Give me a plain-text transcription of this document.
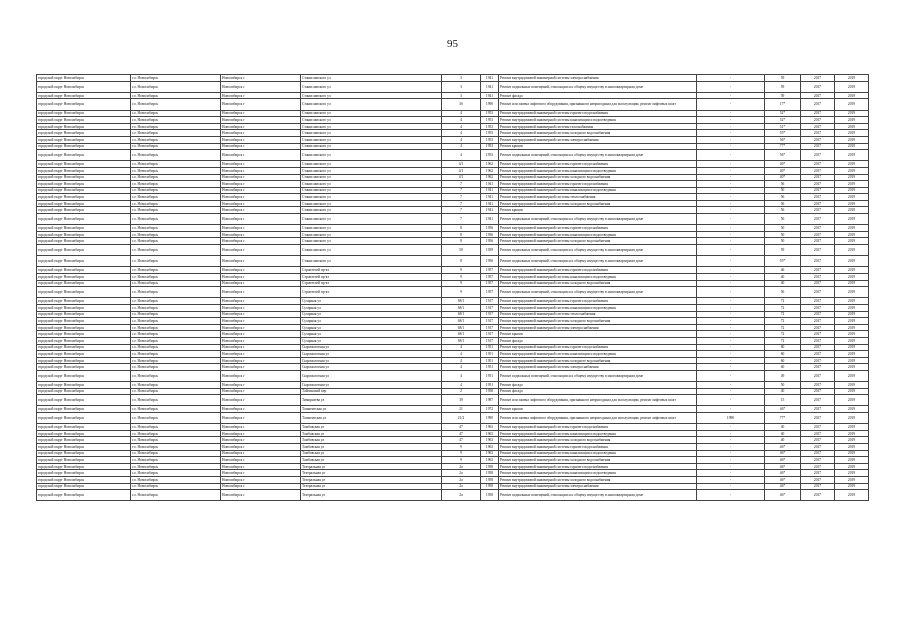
95
городской округ Новосибирск	г.о. Новосибирск	Новосибирск г	Станиславского ул	3	1941	Ремонт внутридомовой инженерной системы электроснабжения	-	59	2017	2019
городской округ Новосибирск	г.о. Новосибирск	Новосибирск г	Станиславского ул	3	1941	Ремонт подвальных помещений, относящихся к общему имуществу в многоквартирном доме	-	59	2017	2019
городской округ Новосибирск	г.о. Новосибирск	Новосибирск г	Станиславского ул	3	1941	Ремонт фасада	-	59	2017	2019
городской округ Новосибирск	г.о. Новосибирск	Новосибирск г	Станиславского ул	3б	1990	Ремонт или замена лифтового оборудования, признанного непригодным для эксплуатации, ремонт лифтовых шахт	-	17*	2017	2019
городской округ Новосибирск	г.о. Новосибирск	Новосибирск г	Станиславского ул	4	1953	Ремонт внутридомовой инженерной системы горячего водоснабжения	-	52*	2017	2019
городской округ Новосибирск	г.о. Новосибирск	Новосибирск г	Станиславского ул	4	1953	Ремонт внутридомовой инженерной системы канализации и водоотведения	-	52*	2017	2019
городской округ Новосибирск	г.о. Новосибирск	Новосибирск г	Станиславского ул	4	1953	Ремонт внутридомовой инженерной системы газоснабжения	-	51*	2017	2019
городской округ Новосибирск	г.о. Новосибирск	Новосибирск г	Станиславского ул	4	1953	Ремонт внутридомовой инженерной системы холодного водоснабжения	-	55*	2017	2019
городской округ Новосибирск	г.о. Новосибирск	Новосибирск г	Станиславского ул	4	1953	Ремонт внутридомовой инженерной системы электроснабжения	-	56*	2017	2019
городской округ Новосибирск	г.о. Новосибирск	Новосибирск г	Станиславского ул	4	1953	Ремонт крыши	-	77*	2017	2019
городской округ Новосибирск	г.о. Новосибирск	Новосибирск г	Станиславского ул	4	1953	Ремонт подвальных помещений, относящихся к общему имуществу в многоквартирном доме	-	56*	2017	2019
городской округ Новосибирск	г.о. Новосибирск	Новосибирск г	Станиславского ул	4/1	1962	Ремонт внутридомовой инженерной системы горячего водоснабжения	-	40*	2017	2019
городской округ Новосибирск	г.о. Новосибирск	Новосибирск г	Станиславского ул	4/1	1962	Ремонт внутридомовой инженерной системы канализации и водоотведения	-	40*	2017	2019
городской округ Новосибирск	г.о. Новосибирск	Новосибирск г	Станиславского ул	4/1	1962	Ремонт внутридомовой инженерной системы холодного водоснабжения	-	40*	2017	2019
городской округ Новосибирск	г.о. Новосибирск	Новосибирск г	Станиславского ул	7	1941	Ремонт внутридомовой инженерной системы горячего водоснабжения	-	56	2017	2019
городской округ Новосибирск	г.о. Новосибирск	Новосибирск г	Станиславского ул	7	1941	Ремонт внутридомовой инженерной системы канализации и водоотведения	-	50	2017	2019
городской округ Новосибирск	г.о. Новосибирск	Новосибирск г	Станиславского ул	7	1941	Ремонт внутридомовой инженерной системы теплоснабжения	-	56	2017	2019
городской округ Новосибирск	г.о. Новосибирск	Новосибирск г	Станиславского ул	7	1941	Ремонт внутридомовой инженерной системы холодного водоснабжения	-	56	2017	2019
городской округ Новосибирск	г.о. Новосибирск	Новосибирск г	Станиславского ул	7	1941	Ремонт крыши	-	56	2017	2019
городской округ Новосибирск	г.о. Новосибирск	Новосибирск г	Станиславского ул	7	1941	Ремонт подвальных помещений, относящихся к общему имуществу в многоквартирном доме	-	56	2017	2019
городской округ Новосибирск	г.о. Новосибирск	Новосибирск г	Станиславского ул	8	1956	Ремонт внутридомовой инженерной системы горячего водоснабжения	-	50	2017	2019
городской округ Новосибирск	г.о. Новосибирск	Новосибирск г	Станиславского ул	8	1956	Ремонт внутридомовой инженерной системы канализации и водоотведения	-	50	2017	2019
городской округ Новосибирск	г.о. Новосибирск	Новосибирск г	Станиславского ул	8	1956	Ремонт внутридомовой инженерной системы холодного водоснабжения	-	50	2017	2019
городской округ Новосибирск	г.о. Новосибирск	Новосибирск г	Станиславского ул	50	1939	Ремонт подвальных помещений, относящихся к общему имуществу в многоквартирном доме	-	59	2017	2019
городской округ Новосибирск	г.о. Новосибирск	Новосибирск г	Станиславского ул	8	1956	Ремонт подвальных помещений, относящихся к общему имуществу в многоквартирном доме	-	55*	2017	2019
городской округ Новосибирск	г.о. Новосибирск	Новосибирск г	Строителей пр-кт	9	1957	Ремонт внутридомовой инженерной системы горячего водоснабжения	-	46	2017	2019
городской округ Новосибирск	г.о. Новосибирск	Новосибирск г	Строителей пр-кт	9	1957	Ремонт внутридомовой инженерной системы канализации и водоотведения	-	40	2017	2019
городской округ Новосибирск	г.о. Новосибирск	Новосибирск г	Строителей пр-кт	9	1957	Ремонт внутридомовой инженерной системы холодного водоснабжения	-	40	2017	2019
городской округ Новосибирск	г.о. Новосибирск	Новосибирск г	Строителей пр-кт	9	1957	Ремонт подвальных помещений, относящихся к общему имуществу в многоквартирном доме	-	56	2017	2019
городской округ Новосибирск	г.о. Новосибирск	Новосибирск г	Сухарная ул	68/1	1917	Ремонт внутридомовой инженерной системы горячего водоснабжения	-	72	2017	2019
городской округ Новосибирск	г.о. Новосибирск	Новосибирск г	Сухарная ул	68/1	1917	Ремонт внутридомовой инженерной системы канализации и водоотведения	-	72	2017	2019
городской округ Новосибирск	г.о. Новосибирск	Новосибирск г	Сухарная ул	68/1	1917	Ремонт внутридомовой инженерной системы теплоснабжения	-	72	2017	2019
городской округ Новосибирск	г.о. Новосибирск	Новосибирск г	Сухарная ул	68/1	1917	Ремонт внутридомовой инженерной системы холодного водоснабжения	-	72	2017	2019
городской округ Новосибирск	г.о. Новосибирск	Новосибирск г	Сухарная ул	68/1	1917	Ремонт внутридомовой инженерной системы электроснабжения	-	72	2017	2019
городской округ Новосибирск	г.о. Новосибирск	Новосибирск г	Сухарная ул	68/1	1917	Ремонт крыши	-	72	2017	2019
городской округ Новосибирск	г.о. Новосибирск	Новосибирск г	Сухарная ул	68/1	1917	Ремонт фасада	-	72	2017	2019
городской округ Новосибирск	г.о. Новосибирск	Новосибирск г	Сыромолотная ул	4	1951	Ремонт внутридомовой инженерной системы горячего водоснабжения	-	60	2017	2019
городской округ Новосибирск	г.о. Новосибирск	Новосибирск г	Сыромолотная ул	4	1951	Ремонт внутридомовой инженерной системы канализации и водоотведения	-	60	2017	2019
городской округ Новосибирск	г.о. Новосибирск	Новосибирск г	Сыромолотная ул	4	1951	Ремонт внутридомовой инженерной системы холодного водоснабжения	-	60	2017	2019
городской округ Новосибирск	г.о. Новосибирск	Новосибирск г	Сыромолотная ул	4	1951	Ремонт внутридомовой инженерной системы электроснабжения	-	60	2017	2019
городской округ Новосибирск	г.о. Новосибирск	Новосибирск г	Сыромолотная ул	4	1951	Ремонт подвальных помещений, относящихся к общему имуществу в многоквартирном доме	-	49	2017	2019
городской округ Новосибирск	г.о. Новосибирск	Новосибирск г	Сыромолотная ул	4	1951	Ремонт фасада	-	50	2017	2019
городской округ Новосибирск	г.о. Новосибирск	Новосибирск г	Тайгинский пер	2	1958	Ремонт фасада	-	40	2017	2019
городской округ Новосибирск	г.о. Новосибирск	Новосибирск г	Тимирязева ул	39	1987	Ремонт или замена лифтового оборудования, признанного непригодным для эксплуатации, ремонт лифтовых шахт	-	15	2017	2019
городской округ Новосибирск	г.о. Новосибирск	Новосибирск г	Ташкентская ул	21	1972	Ремонт крыши	-	46*	2017	2019
городской округ Новосибирск	г.о. Новосибирск	Новосибирск г	Ташкентская ул	21/2	1990	Ремонт или замена лифтового оборудования, признанного непригодным для эксплуатации, ремонт лифтовых шахт	1990	77*	2017	2019
городской округ Новосибирск	г.о. Новосибирск	Новосибирск г	Тамбовская ул	47	1963	Ремонт внутридомовой инженерной системы горячего водоснабжения	-	40	2017	2019
городской округ Новосибирск	г.о. Новосибирск	Новосибирск г	Тамбовская ул	47	1963	Ремонт внутридомовой инженерной системы канализации и водоотведения	-	40	2017	2019
городской округ Новосибирск	г.о. Новосибирск	Новосибирск г	Тамбовская ул	47	1963	Ремонт внутридомовой инженерной системы холодного водоснабжения	-	40	2017	2019
городской округ Новосибирск	г.о. Новосибирск	Новосибирск г	Тамбовская ул	9	1963	Ремонт внутридомовой инженерной системы горячего водоснабжения	-	46*	2017	2019
городской округ Новосибирск	г.о. Новосибирск	Новосибирск г	Тамбовская ул	9	1963	Ремонт внутридомовой инженерной системы канализации и водоотведения	-	46*	2017	2019
городской округ Новосибирск	г.о. Новосибирск	Новосибирск г	Тамбовская ул	9	1963	Ремонт внутридомовой инженерной системы холодного водоснабжения	-	46*	2017	2019
городской округ Новосибирск	г.о. Новосибирск	Новосибирск г	Театральная ул	2а	1958	Ремонт внутридомовой инженерной системы горячего водоснабжения	-	46*	2017	2019
городской округ Новосибирск	г.о. Новосибирск	Новосибирск г	Театральная ул	2а	1958	Ремонт внутридомовой инженерной системы канализации и водоотведения	-	46*	2017	2019
городской округ Новосибирск	г.о. Новосибирск	Новосибирск г	Театральная ул	2а	1958	Ремонт внутридомовой инженерной системы холодного водоснабжения	-	46*	2017	2019
городской округ Новосибирск	г.о. Новосибирск	Новосибирск г	Театральная ул	2а	1958	Ремонт внутридомовой инженерной системы электроснабжения	-	46*	2017	2019
городской округ Новосибирск	г.о. Новосибирск	Новосибирск г	Театральная ул	2а	1958	Ремонт подвальных помещений, относящихся к общему имуществу в многоквартирном доме	-	46*	2017	2019
